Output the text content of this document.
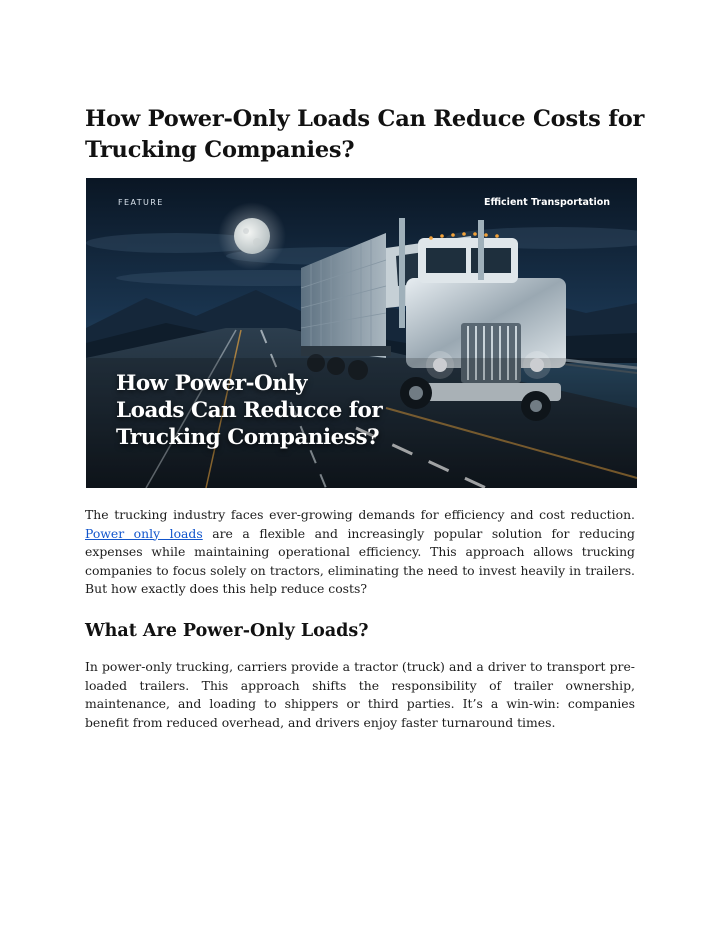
How Power-Only Loads Can Reduce Costs for Trucking Companies?
FEATURE	Efficient Transportation
How Power-Only
Loads Can Reducce for
Trucking Companiess?

The trucking industry faces ever-growing demands for efficiency and cost reduction. Power only loads are a flexible and increasingly popular solution for reducing expenses while maintaining operational efficiency. This approach allows trucking companies to focus solely on tractors, eliminating the need to invest heavily in trailers. But how exactly does this help reduce costs?

What Are Power-Only Loads?

In power-only trucking, carriers provide a tractor (truck) and a driver to transport pre-loaded trailers. This approach shifts the responsibility of trailer ownership, maintenance, and loading to shippers or third parties. It’s a win-win: companies benefit from reduced overhead, and drivers enjoy faster turnaround times.
